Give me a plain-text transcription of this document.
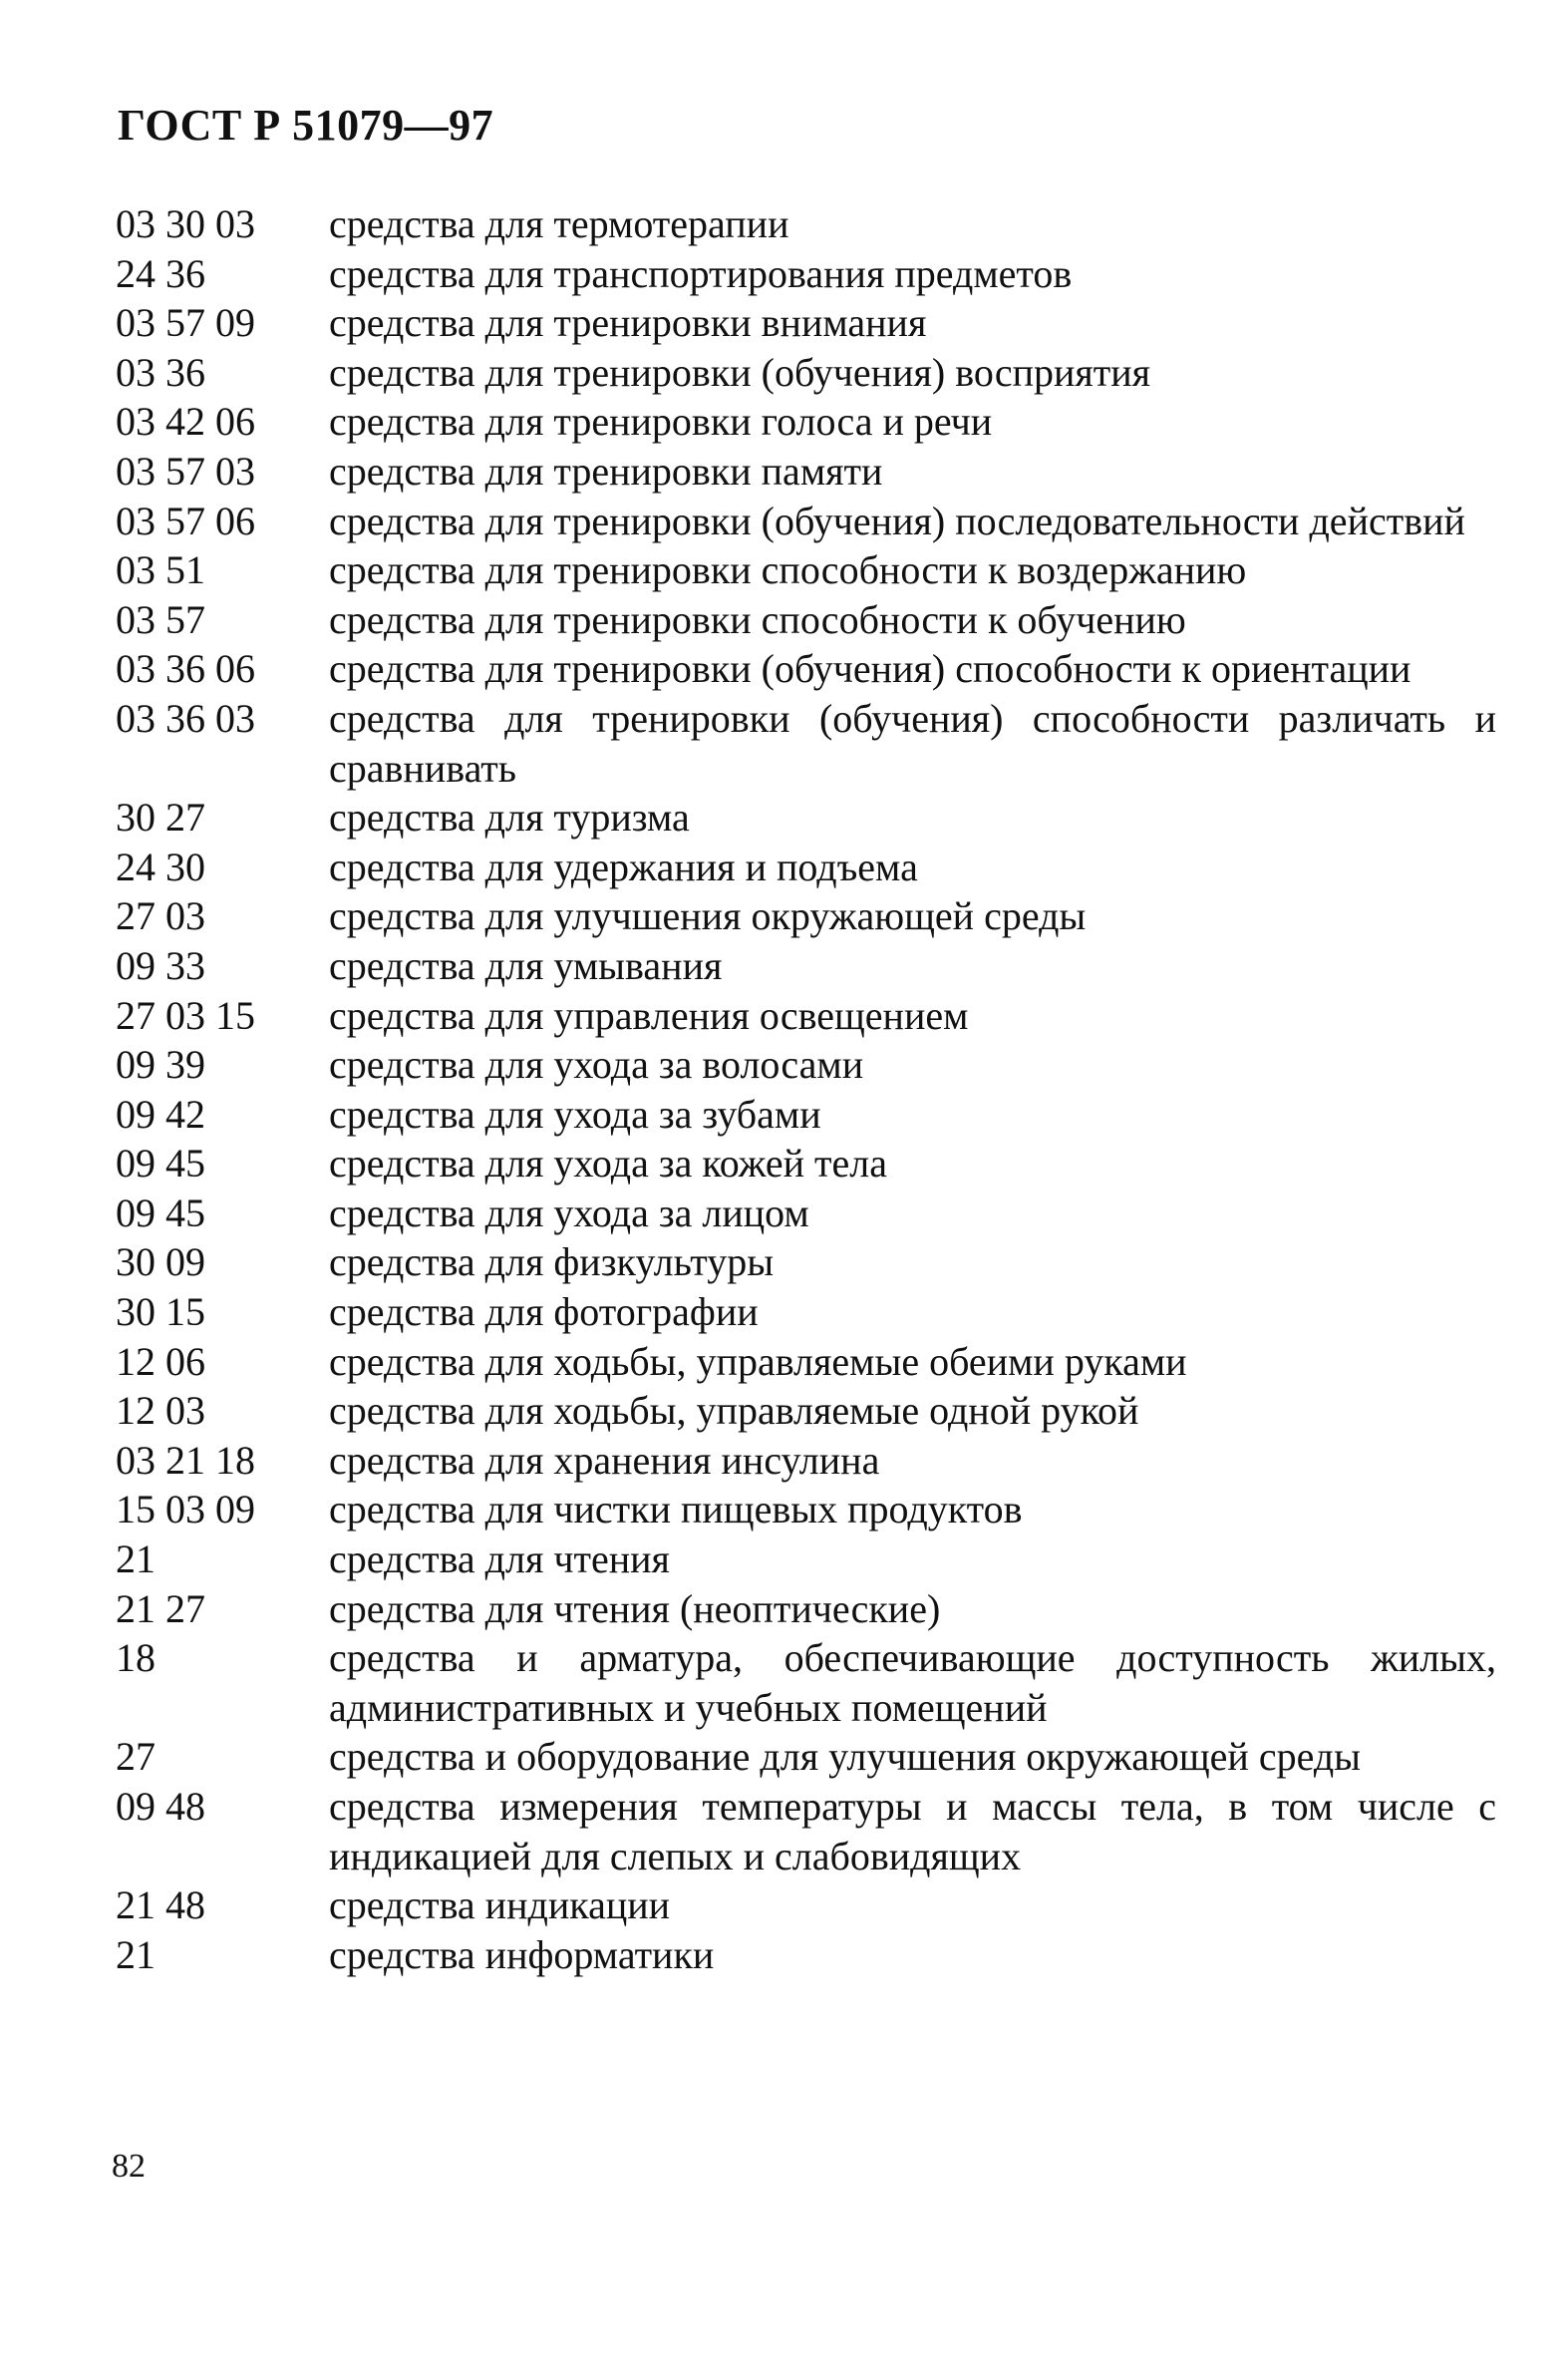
ГОСТ Р 51079—97
03 30 03	средства для термотерапии
24 36	средства для транспортирования предметов
03 57 09	средства для тренировки внимания
03 36	средства для тренировки (обучения) восприятия
03 42 06	средства для тренировки голоса и речи
03 57 03	средства для тренировки памяти
03 57 06	средства для тренировки (обучения) последовательности действий
03 51	средства для тренировки способности к воздержанию
03 57	средства для тренировки способности к обучению
03 36 06	средства для тренировки (обучения) способности к ориентации
03 36 03	средства для тренировки (обучения) способности различать и сравнивать
30 27	средства для туризма
24 30	средства для удержания и подъема
27 03	средства для улучшения окружающей среды
09 33	средства для умывания
27 03 15	средства для управления освещением
09 39	средства для ухода за волосами
09 42	средства для ухода за зубами
09 45	средства для ухода за кожей тела
09 45	средства для ухода за лицом
30 09	средства для физкультуры
30 15	средства для фотографии
12 06	средства для ходьбы, управляемые обеими руками
12 03	средства для ходьбы, управляемые одной рукой
03 21 18	средства для хранения инсулина
15 03 09	средства для чистки пищевых продуктов
21	средства для чтения
21 27	средства для чтения (неоптические)
18	средства и арматура, обеспечивающие доступность жилых, административных и учебных помещений
27	средства и оборудование для улучшения окружающей среды
09 48	средства измерения температуры и массы тела, в том числе с индикацией для слепых и слабовидящих
21 48	средства индикации
21	средства информатики
82
